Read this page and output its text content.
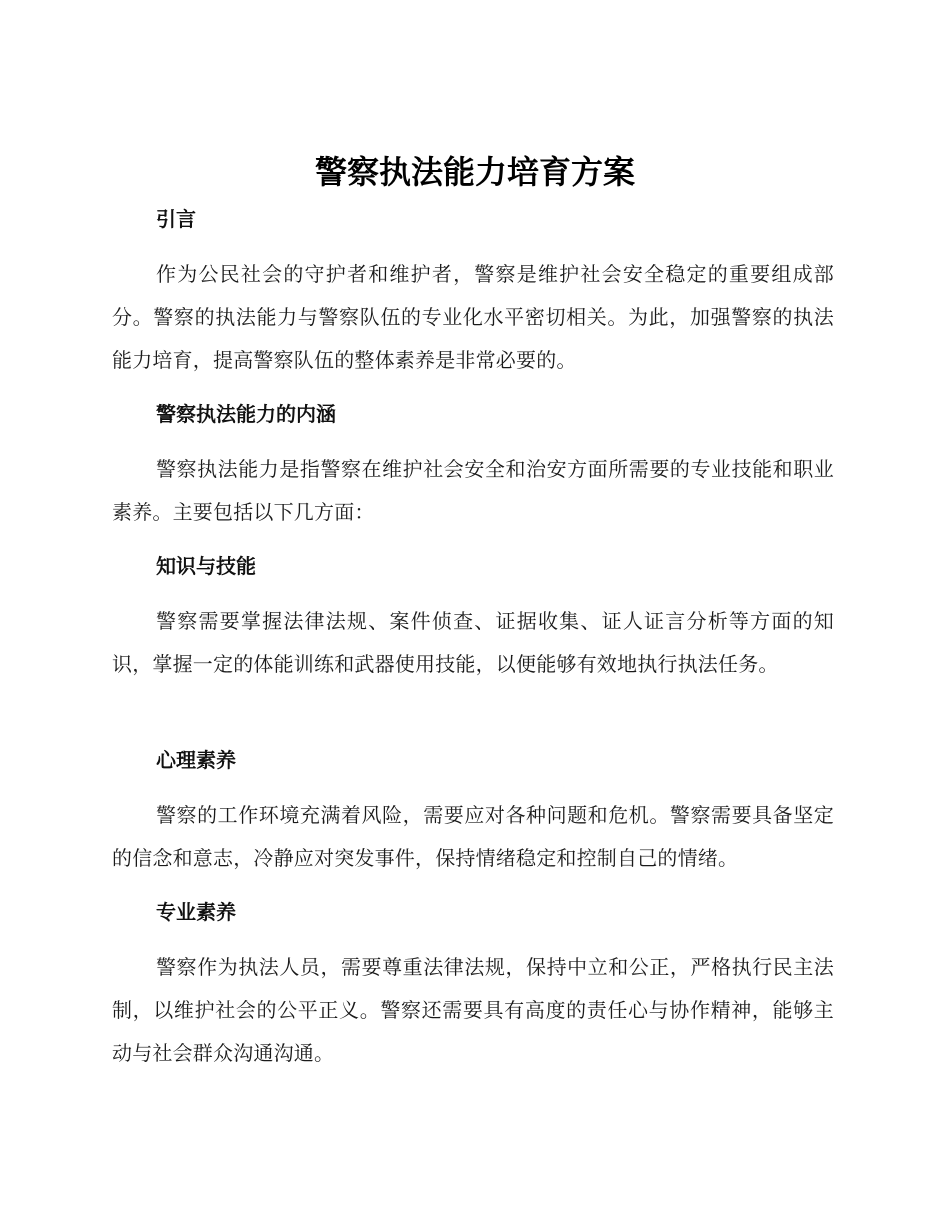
警察执法能力培育方案
引言

作为公民社会的守护者和维护者，警察是维护社会安全稳定的重要组成部分。警察的执法能力与警察队伍的专业化水平密切相关。为此，加强警察的执法能力培育，提高警察队伍的整体素养是非常必要的。

警察执法能力的内涵

警察执法能力是指警察在维护社会安全和治安方面所需要的专业技能和职业素养。主要包括以下几方面：

知识与技能

警察需要掌握法律法规、案件侦查、证据收集、证人证言分析等方面的知识，掌握一定的体能训练和武器使用技能，以便能够有效地执行执法任务。

心理素养

警察的工作环境充满着风险，需要应对各种问题和危机。警察需要具备坚定的信念和意志，冷静应对突发事件，保持情绪稳定和控制自己的情绪。

专业素养

警察作为执法人员，需要尊重法律法规，保持中立和公正，严格执行民主法制，以维护社会的公平正义。警察还需要具有高度的责任心与协作精神，能够主动与社会群众沟通沟通。
